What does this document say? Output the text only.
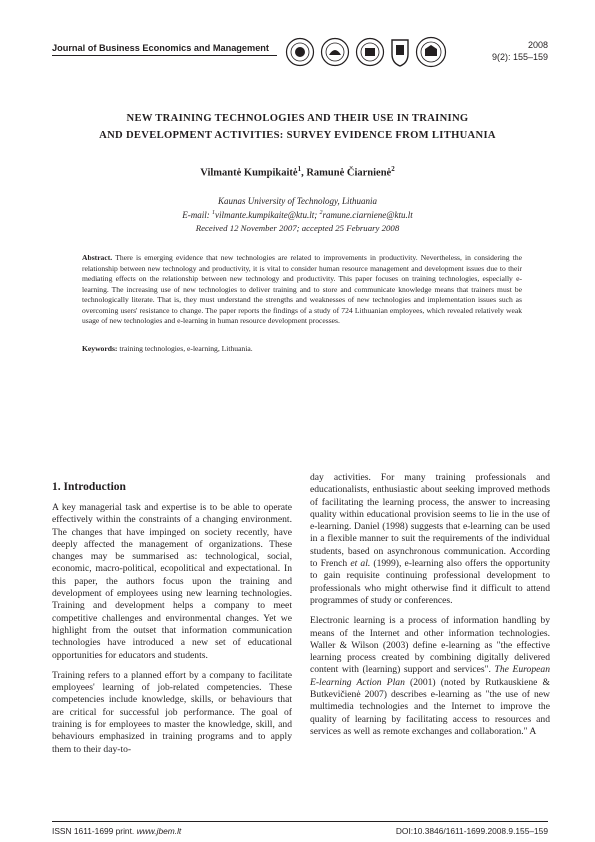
Journal of Business Economics and Management	2008
9(2): 155–159
NEW TRAINING TECHNOLOGIES AND THEIR USE IN TRAINING
AND DEVELOPMENT ACTIVITIES: SURVEY EVIDENCE FROM LITHUANIA
Vilmantė Kumpikaitė$^1$, Ramunė Čiarnienė$^2$
Kaunas University of Technology, Lithuania
E-mail: $^1$vilmante.kumpikaite@ktu.lt; $^2$ramune.ciarniene@ktu.lt
Received 12 November 2007; accepted 25 February 2008
Abstract. There is emerging evidence that new technologies are related to improvements in productivity. Nevertheless, in considering the relationship between new technology and productivity, it is vital to consider human resource management and development issues due to their mediating effects on the relationship between new technology and productivity. This paper focuses on training technologies, especially e-learning. The increasing use of new technologies to deliver training and to store and communicate knowledge means that trainers must be technologically literate. That is, they must understand the strengths and weaknesses of new technologies and implementation issues such as overcoming users' resistance to change. The paper reports the findings of a study of 724 Lithuanian employees, which revealed relatively weak usage of new technologies and e-learning in human resource development processes.
Keywords: training technologies, e-learning, Lithuania.
1. Introduction

A key managerial task and expertise is to be able to operate effectively within the constraints of a changing environment. The changes that have impinged on society recently, have deeply affected the management of organizations. These changes may be summarised as: technological, social, economic, macro-political, ecopolitical and expectational. In this paper, the authors focus upon the training and development of employees using new learning technologies. Training and development helps a company to meet competitive challenges and environmental changes. Yet we highlight from the outset that information communication technologies have introduced a new set of educational opportunities for educators and students.

Training refers to a planned effort by a company to facilitate employees' learning of job-related competencies. These competencies include knowledge, skills, or behaviours that are critical for successful job performance. The goal of training is for employees to master the knowledge, skill, and behaviours emphasized in training programs and to apply them to their day-to-

day activities. For many training professionals and educationalists, enthusiastic about seeking improved methods of facilitating the learning process, the answer to increasing quality within educational provision seems to lie in the use of e-learning. Daniel (1998) suggests that e-learning can be used in a flexible manner to suit the requirements of the individual students, based on asynchronous communication. According to French et al. (1999), e-learning also offers the opportunity to gain requisite continuing professional development to professionals who might otherwise find it difficult to attend programmes of study or conferences.

Electronic learning is a process of information handling by means of the Internet and other information technologies. Waller & Wilson (2003) define e-learning as "the effective learning process created by combining digitally delivered content with (learning) support and services". The European E-learning Action Plan (2001) (noted by Rutkauskiene & Butkevičienė 2007) describes e-learning as "the use of new multimedia technologies and the Internet to improve the quality of learning by facilitating access to resources and services as well as remote exchanges and collaboration." A

ISSN 1611-1699 print. www.jbem.lt	DOI:10.3846/1611-1699.2008.9.155–159
